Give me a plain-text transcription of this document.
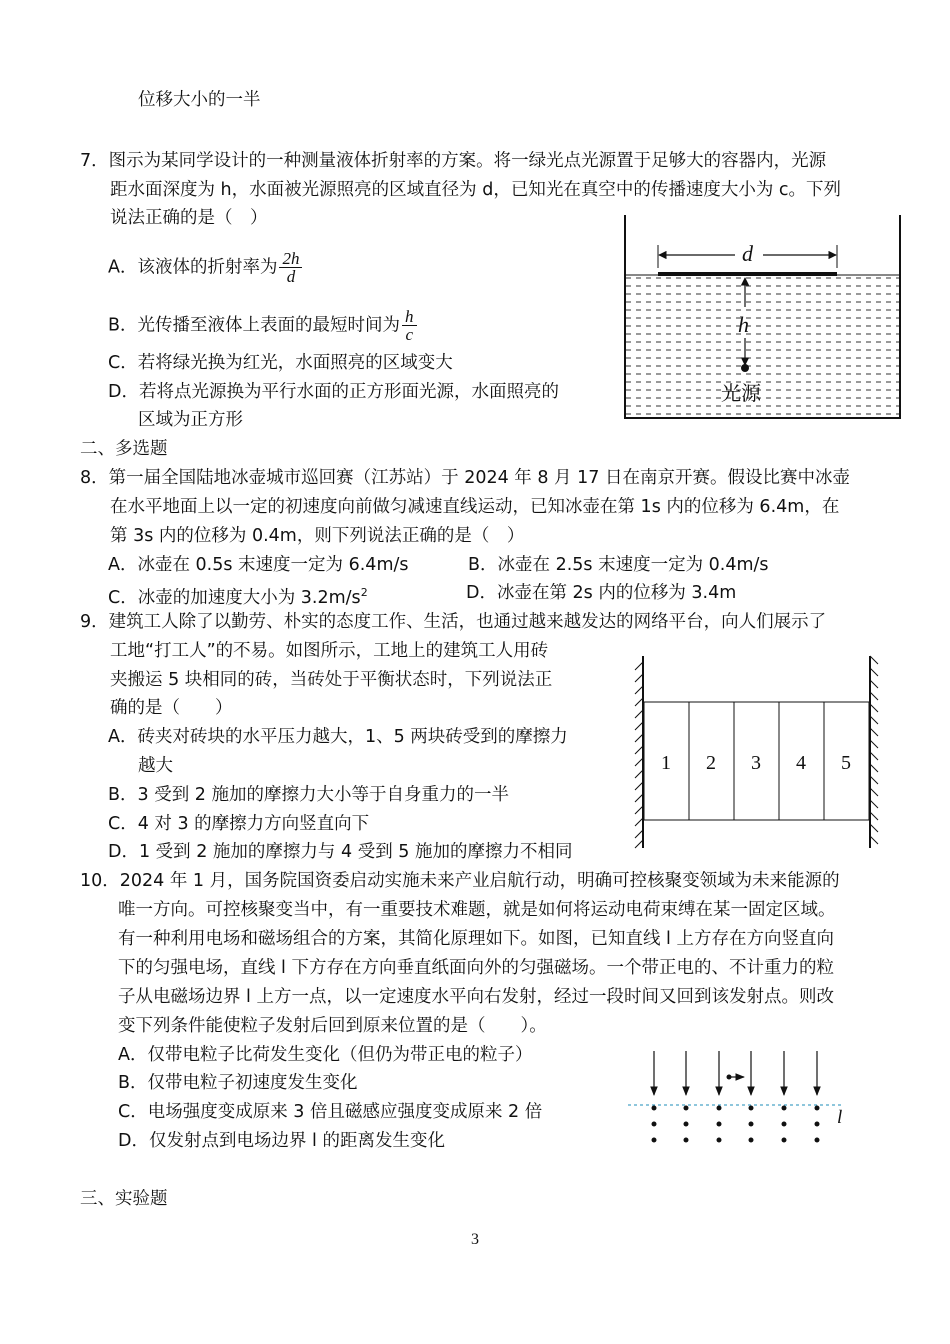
位移大小的一半
7．图示为某同学设计的一种测量液体折射率的方案。将一绿光点光源置于足够大的容器内，光源
距水面深度为 h，水面被光源照亮的区域直径为 d，已知光在真空中的传播速度大小为 c。下列
说法正确的是（　）
A．该液体的折射率为 $\frac{2h}{d}$
B．光传播至液体上表面的最短时间为 $\frac{h}{c}$
C．若将绿光换为红光，水面照亮的区域变大
D．若将点光源换为平行水面的正方形面光源，水面照亮的
区域为正方形
d
h
光源
二、多选题
8．第一届全国陆地冰壶城市巡回赛（江苏站）于 2024 年 8 月 17 日在南京开赛。假设比赛中冰壶
在水平地面上以一定的初速度向前做匀减速直线运动，已知冰壶在第 1s 内的位移为 6.4m，在
第 3s 内的位移为 0.4m，则下列说法正确的是（　）
A．冰壶在 0.5s 末速度一定为 6.4m/s	B．冰壶在 2.5s 末速度一定为 0.4m/s
C．冰壶的加速度大小为 $3.2m/s^2$	D．冰壶在第 2s 内的位移为 3.4m
9．建筑工人除了以勤劳、朴实的态度工作、生活，也通过越来越发达的网络平台，向人们展示了
工地“打工人”的不易。如图所示，工地上的建筑工人用砖
夹搬运 5 块相同的砖，当砖处于平衡状态时，下列说法正
确的是（　　）
A．砖夹对砖块的水平压力越大，1、5 两块砖受到的摩擦力
越大
B．3 受到 2 施加的摩擦力大小等于自身重力的一半
C．4 对 3 的摩擦力方向竖直向下
D．1 受到 2 施加的摩擦力与 4 受到 5 施加的摩擦力不相同
1 2 3 4 5
10．2024 年 1 月，国务院国资委启动实施未来产业启航行动，明确可控核聚变领域为未来能源的
唯一方向。可控核聚变当中，有一重要技术难题，就是如何将运动电荷束缚在某一固定区域。
有一种利用电场和磁场组合的方案，其简化原理如下。如图，已知直线 l 上方存在方向竖直向
下的匀强电场，直线 l 下方存在方向垂直纸面向外的匀强磁场。一个带正电的、不计重力的粒
子从电磁场边界 l 上方一点，以一定速度水平向右发射，经过一段时间又回到该发射点。则改
变下列条件能使粒子发射后回到原来位置的是（　　）。
A．仅带电粒子比荷发生变化（但仍为带正电的粒子）
B．仅带电粒子初速度发生变化
C．电场强度变成原来 3 倍且磁感应强度变成原来 2 倍
D．仅发射点到电场边界 l 的距离发生变化
l
三、实验题
3
